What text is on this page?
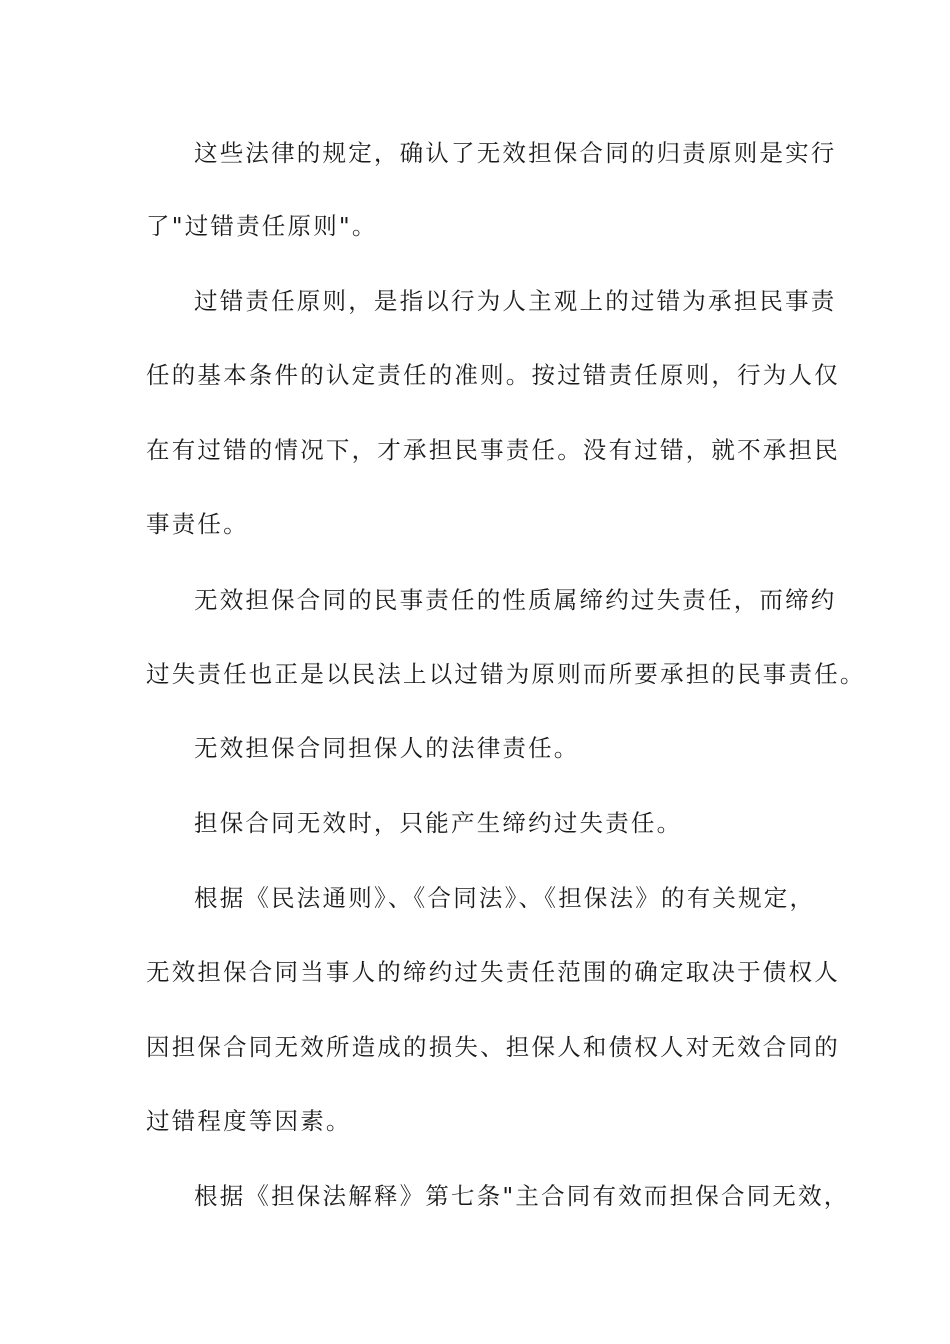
这些法律的规定，确认了无效担保合同的归责原则是实行
了"过错责任原则"。
过错责任原则，是指以行为人主观上的过错为承担民事责
任的基本条件的认定责任的准则。按过错责任原则，行为人仅
在有过错的情况下，才承担民事责任。没有过错，就不承担民
事责任。
无效担保合同的民事责任的性质属缔约过失责任，而缔约
过失责任也正是以民法上以过错为原则而所要承担的民事责任。
无效担保合同担保人的法律责任。
担保合同无效时，只能产生缔约过失责任。
根据《民法通则》、《合同法》、《担保法》的有关规定，
无效担保合同当事人的缔约过失责任范围的确定取决于债权人
因担保合同无效所造成的损失、担保人和债权人对无效合同的
过错程度等因素。
根据《担保法解释》第七条"主合同有效而担保合同无效，
